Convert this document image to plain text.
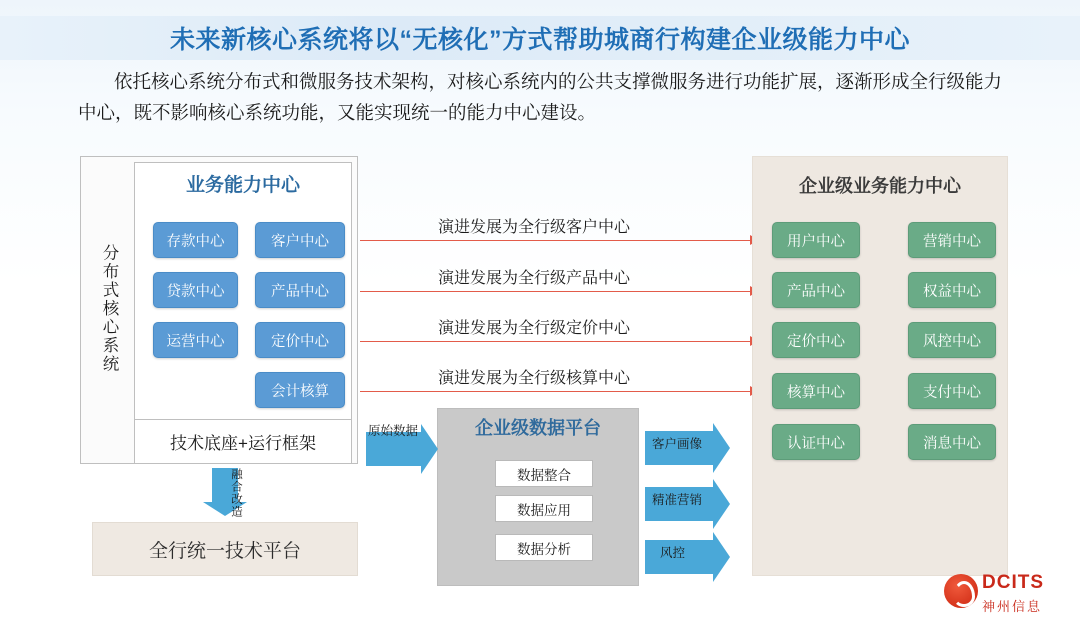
未来新核心系统将以“无核化”方式帮助城商行构建企业级能力中心
依托核心系统分布式和微服务技术架构，对核心系统内的公共支撑微服务进行功能扩展，逐渐形成全行级能力中心，既不影响核心系统功能，又能实现统一的能力中心建设。
分布式核心系统
业务能力中心
存款中心
贷款中心
运营中心
客户中心
产品中心
定价中心
会计核算
技术底座+运行框架
融合改造
全行统一技术平台
演进发展为全行级客户中心
演进发展为全行级产品中心
演进发展为全行级定价中心
演进发展为全行级核算中心
企业级业务能力中心
用户中心
产品中心
定价中心
核算中心
认证中心
营销中心
权益中心
风控中心
支付中心
消息中心
企业级数据平台
数据整合
数据应用
数据分析
原始数据
客户画像
精准营销
风控
DCITS
神州信息
